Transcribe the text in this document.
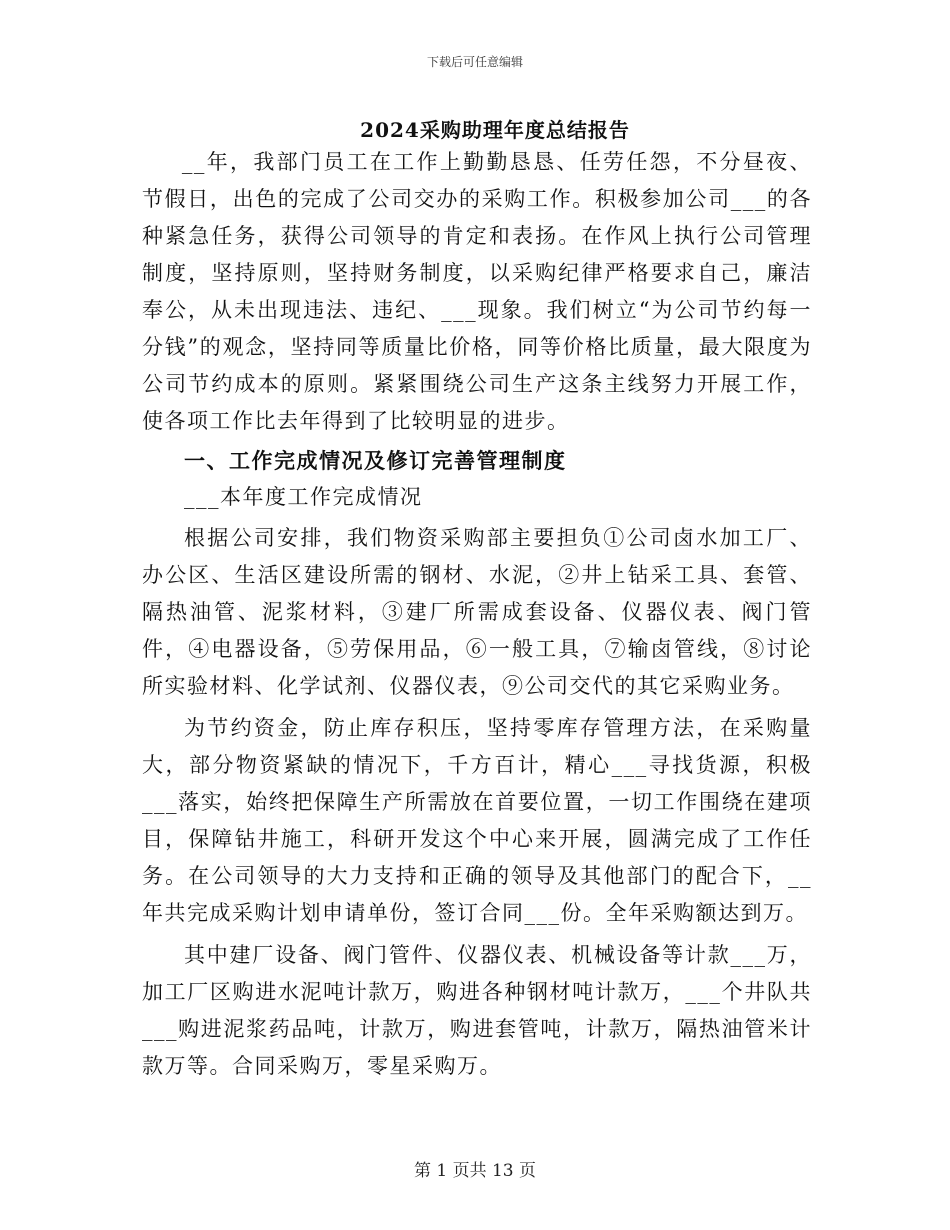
下载后可任意编辑
2024采购助理年度总结报告

__年，我部门员工在工作上勤勤恳恳、任劳任怨，不分昼夜、节假日，出色的完成了公司交办的采购工作。积极参加公司___的各种紧急任务，获得公司领导的肯定和表扬。在作风上执行公司管理制度，坚持原则，坚持财务制度，以采购纪律严格要求自己，廉洁奉公，从未出现违法、违纪、___现象。我们树立“为公司节约每一分钱”的观念，坚持同等质量比价格，同等价格比质量，最大限度为公司节约成本的原则。紧紧围绕公司生产这条主线努力开展工作，使各项工作比去年得到了比较明显的进步。

一、工作完成情况及修订完善管理制度

___本年度工作完成情况

根据公司安排，我们物资采购部主要担负①公司卤水加工厂、办公区、生活区建设所需的钢材、水泥，②井上钻采工具、套管、隔热油管、泥浆材料，③建厂所需成套设备、仪器仪表、阀门管件，④电器设备，⑤劳保用品，⑥一般工具，⑦输卤管线，⑧讨论所实验材料、化学试剂、仪器仪表，⑨公司交代的其它采购业务。

为节约资金，防止库存积压，坚持零库存管理方法，在采购量大，部分物资紧缺的情况下，千方百计，精心___寻找货源，积极___落实，始终把保障生产所需放在首要位置，一切工作围绕在建项目，保障钻井施工，科研开发这个中心来开展，圆满完成了工作任务。在公司领导的大力支持和正确的领导及其他部门的配合下，__年共完成采购计划申请单份，签订合同___份。全年采购额达到万。

其中建厂设备、阀门管件、仪器仪表、机械设备等计款___万，加工厂区购进水泥吨计款万，购进各种钢材吨计款万，___个井队共___购进泥浆药品吨，计款万，购进套管吨，计款万，隔热油管米计款万等。合同采购万，零星采购万。

第 1 页共 13 页
